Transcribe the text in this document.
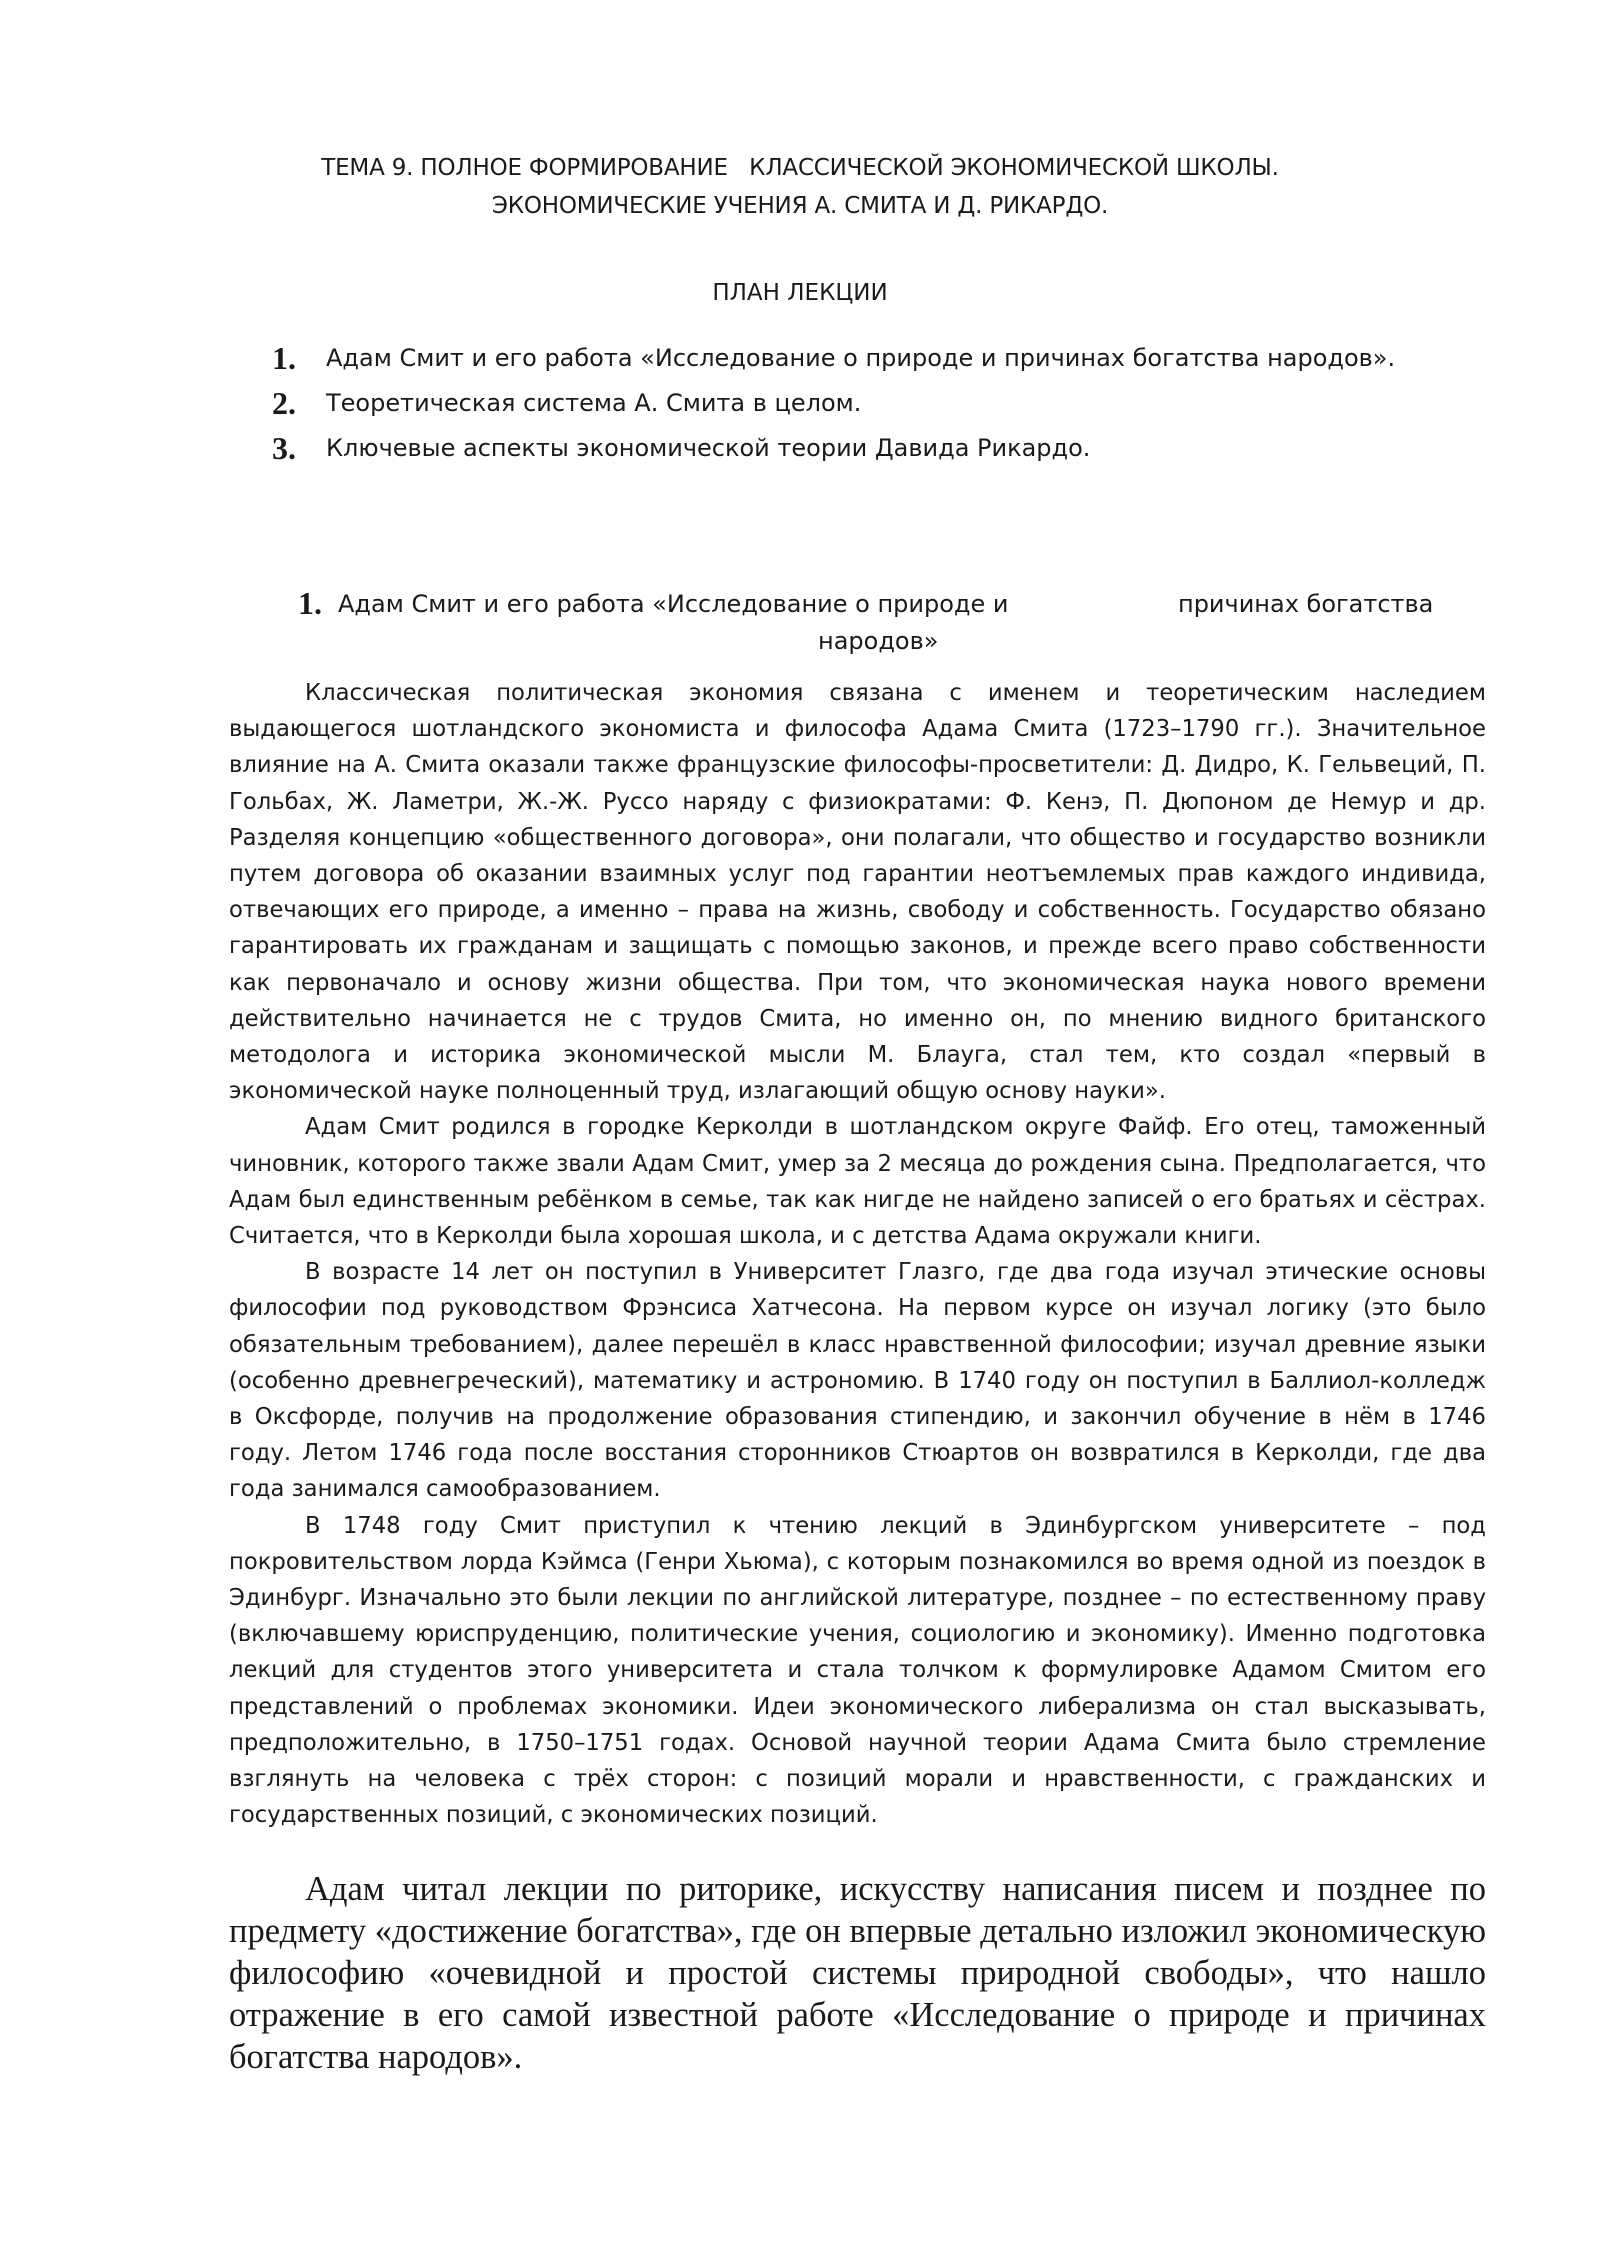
ТЕМА 9. ПОЛНОЕ ФОРМИРОВАНИЕ   КЛАССИЧЕСКОЙ ЭКОНОМИЧЕСКОЙ ШКОЛЫ.
ЭКОНОМИЧЕСКИЕ УЧЕНИЯ А. СМИТА И Д. РИКАРДО.
ПЛАН ЛЕКЦИИ
1.	Адам Смит и его работа «Исследование о природе и причинах богатства народов».
2.	Теоретическая система А. Смита в целом.
3.	Ключевые аспекты экономической теории Давида Рикардо.
1. Адам Смит и его работа «Исследование о природе и	причинах богатства
народов»

Классическая политическая экономия связана с именем и теоретическим наследием выдающегося шотландского экономиста и философа Адама Смита (1723–1790 гг.). Значительное влияние на А. Смита оказали также французские философы-просветители: Д. Дидро, К. Гельвеций, П. Гольбах, Ж. Ламетри, Ж.-Ж. Руссо наряду с физиократами: Ф. Кенэ, П. Дюпоном де Немур и др. Разделяя концепцию «общественного договора», они полагали, что общество и государство возникли путем договора об оказании взаимных услуг под гарантии неотъемлемых прав каждого индивида, отвечающих его природе, а именно – права на жизнь, свободу и собственность. Государство обязано гарантировать их гражданам и защищать с помощью законов, и прежде всего право собственности как первоначало и основу жизни общества. При том, что экономическая наука нового времени действительно начинается не с трудов Смита, но именно он, по мнению видного британского методолога и историка экономической мысли М. Блауга, стал тем, кто создал «первый в экономической науке полноценный труд, излагающий общую основу науки».

Адам Смит родился в городке Керколди в шотландском округе Файф. Его отец, таможенный чиновник, которого также звали Адам Смит, умер за 2 месяца до рождения сына. Предполагается, что Адам был единственным ребёнком в семье, так как нигде не найдено записей о его братьях и сёстрах. Считается, что в Керколди была хорошая школа, и с детства Адама окружали книги.

В возрасте 14 лет он поступил в Университет Глазго, где два года изучал этические основы философии под руководством Фрэнсиса Хатчесона. На первом курсе он изучал логику (это было обязательным требованием), далее перешёл в класс нравственной философии; изучал древние языки (особенно древнегреческий), математику и астрономию. В 1740 году он поступил в Баллиол-колледж в Оксфорде, получив на продолжение образования стипендию, и закончил обучение в нём в 1746 году. Летом 1746 года после восстания сторонников Стюартов он возвратился в Керколди, где два года занимался самообразованием.

В 1748 году Смит приступил к чтению лекций в Эдинбургском университете – под покровительством лорда Кэймса (Генри Хьюма), с которым познакомился во время одной из поездок в Эдинбург. Изначально это были лекции по английской литературе, позднее – по естественному праву (включавшему юриспруденцию, политические учения, социологию и экономику). Именно подготовка лекций для студентов этого университета и стала толчком к формулировке Адамом Смитом его представлений о проблемах экономики. Идеи экономического либерализма он стал высказывать, предположительно, в 1750–1751 годах. Основой научной теории Адама Смита было стремление взглянуть на человека с трёх сторон: с позиций морали и нравственности, с гражданских и государственных позиций, с экономических позиций.

Адам читал лекции по риторике, искусству написания писем и позднее по предмету «достижение богатства», где он впервые детально изложил экономическую философию «очевидной и простой системы природной свободы», что нашло отражение в его самой известной работе «Исследование о природе и причинах богатства народов».
